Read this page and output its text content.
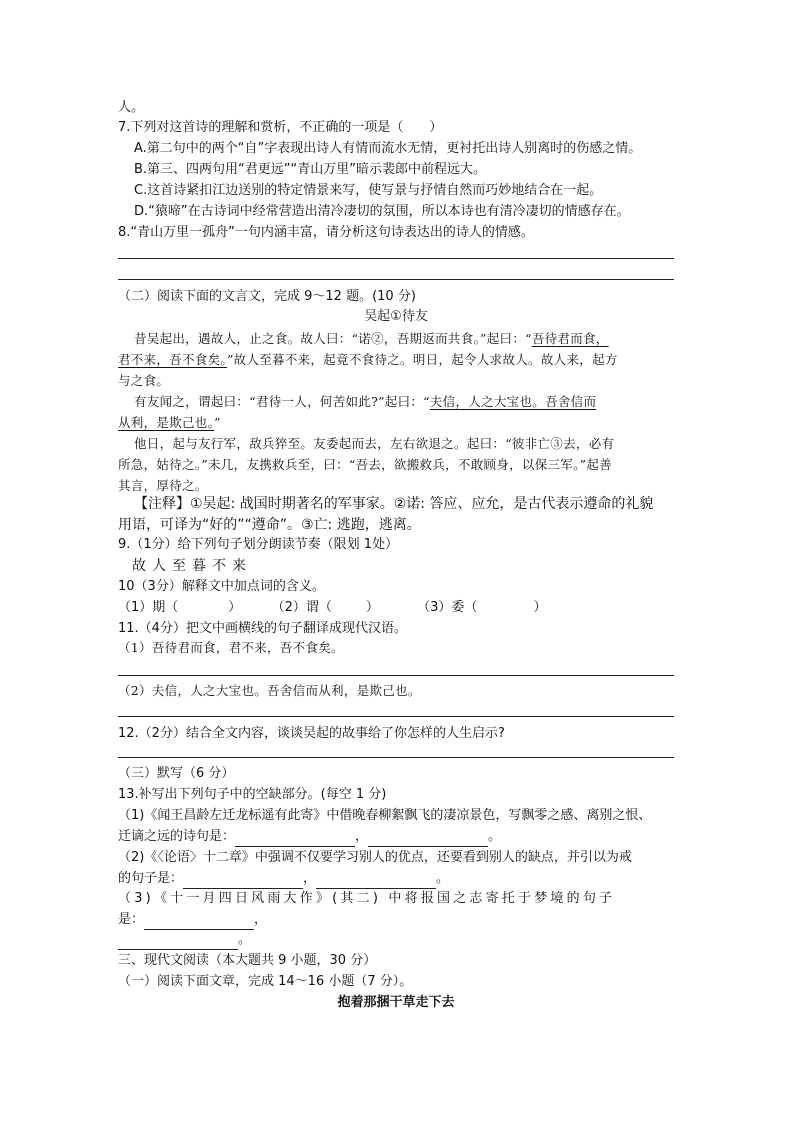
人。
7.下列对这首诗的理解和赏析，不正确的一项是（　　）
A.第二句中的两个“自”字表现出诗人有情而流水无情，更衬托出诗人别离时的伤感之情。
B.第三、四两句用“君更远”“青山万里”暗示裴郎中前程远大。
C.这首诗紧扣江边送别的特定情景来写，使写景与抒情自然而巧妙地结合在一起。
D.“猿啼”在古诗词中经常营造出清冷凄切的氛围，所以本诗也有清冷凄切的情感存在。
8.“青山万里一孤舟”一句内涵丰富，请分析这句诗表达出的诗人的情感。
（二）阅读下面的文言文，完成 9～12 题。(10 分)
吴起①待友
昔吴起出，遇故人，止之食。故人曰：“诺②，吾期返而共食。”起曰：“吾待君而食，
君不来，吾不食矣。”故人至暮不来，起竟不食待之。明日，起令人求故人。故人来，起方
与之食。
有友闻之，谓起曰：“君待一人，何苦如此?”起曰：“夫信，人之大宝也。吾舍信而
从利，是欺己也。”
他日，起与友行军，敌兵猝至。友委起而去，左右欲退之。起曰：“彼非亡③去，必有
所急，姑待之。”未几，友携救兵至，曰：“吾去，欲搬救兵，不敢顾身，以保三军。”起善
其言，厚待之。
【注释】①吴起: 战国时期著名的军事家。②诺: 答应、应允，是古代表示遵命的礼貌
用语，可译为“好的”“遵命”。③亡: 逃跑，逃离。
9.（1分）给下列句子划分朗读节奏（限划 1处）
故人至暮不来
10（3分）解释文中加点词的含义。
（1）期（	） （2）谓（	）	（3）委（	）
11.（4分）把文中画横线的句子翻译成现代汉语。
（1）吾待君而食，君不来，吾不食矣。
（2）夫信，人之大宝也。吾舍信而从利，是欺己也。
12.（2分）结合全文内容，谈谈吴起的故事给了你怎样的人生启示?
（三）默写（6 分）
13.补写出下列句子中的空缺部分。(每空 1 分)
（1)《闻王昌龄左迁龙标遥有此寄》中借晚春柳絮飘飞的凄凉景色，写飘零之感、离别之恨、
迁谪之远的诗句是：	，	。
（2)《〈论语〉十二章》中强调不仅要学习别人的优点，还要看到别人的缺点，并引以为戒
的句子是：	，	。
（3)《十一月四日风雨大作》(其二) 中将报国之志寄托于梦境的句子
是：	，
。
三、现代文阅读（本大题共 9 小题，30 分）
（一）阅读下面文章，完成 14～16 小题（7 分）。
抱着那捆干草走下去
